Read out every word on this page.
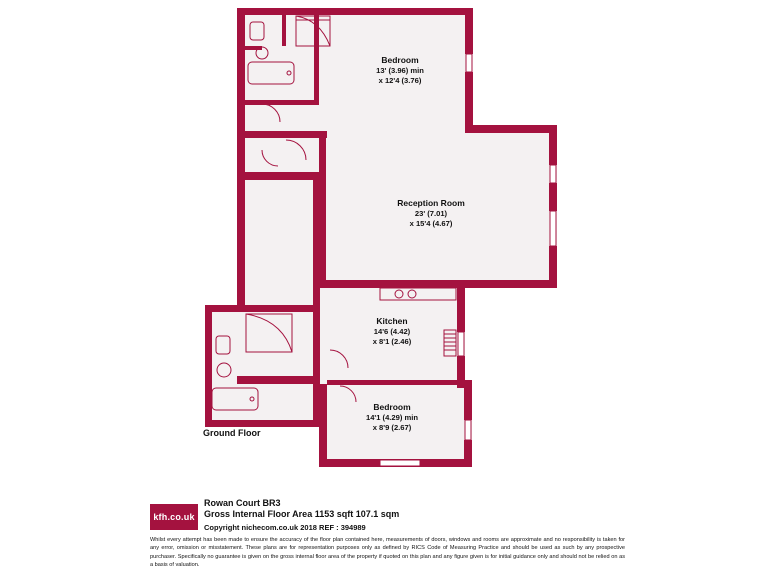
Bedroom
13' (3.96) min
x 12'4 (3.76)
Reception Room
23' (7.01)
x 15'4 (4.67)
Kitchen
14'6 (4.42)
x 8'1 (2.46)
Bedroom
14'1 (4.29) min
x 8'9 (2.67)
Ground Floor
kfh.co.uk
Rowan Court BR3
Gross Internal Floor Area 1153 sqft 107.1 sqm
Copyright nichecom.co.uk 2018 REF : 394989
Whilst every attempt has been made to ensure the accuracy of the floor plan contained here, measurements of doors, windows and rooms are approximate and no responsibility is taken for any error, omission or misstatement. These plans are for representation purposes only as defined by RICS Code of Measuring Practice and should be used as such by any prospective purchaser. Specifically no guarantee is given on the gross internal floor area of the property if quoted on this plan and any figure given is for initial guidance only and should not be relied on as a basis of valuation.
